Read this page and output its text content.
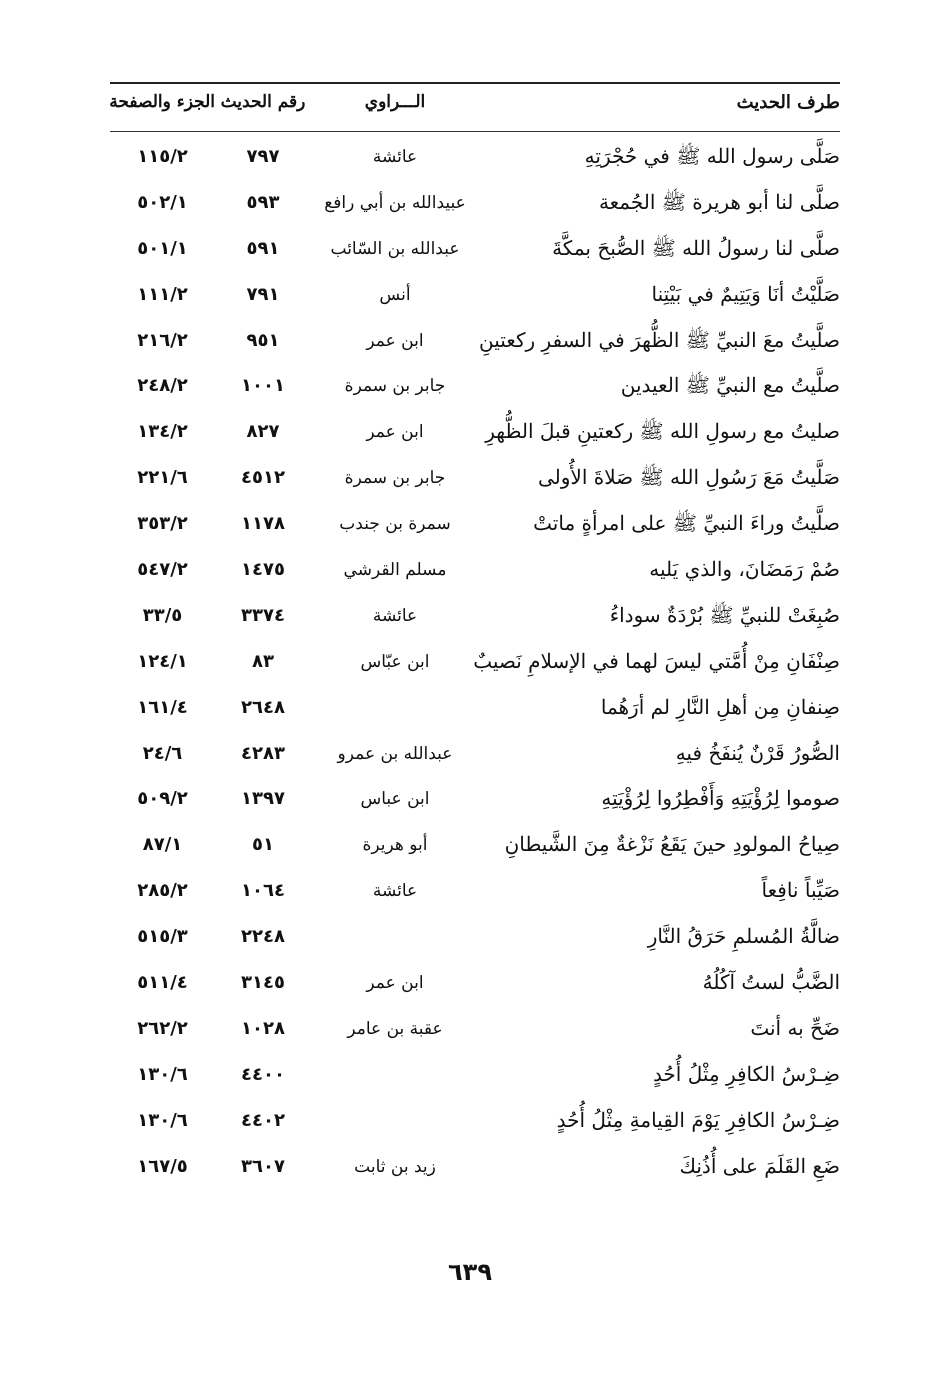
طرف الحديث
الـــراوي
رقم الحديث
الجزء والصفحة
صَلَّى رسول الله ﷺ في حُجْرَتِهِ
عائشة
٧٩٧
١١٥/٢
صلَّى لنا أبو هريرة ﷺ الجُمعة
عبيدالله بن أبي رافع
٥٩٣
٥٠٢/١
صلَّى لنا رسولُ الله ﷺ الصُّبحَ بمكَّةَ
عبدالله بن السّائب
٥٩١
٥٠١/١
صَلَّيْتُ أنَا وَيَتِيمٌ في بَيْتِنا
أنس
٧٩١
١١١/٢
صلَّيتُ معَ النبيِّ ﷺ الظُّهرَ في السفرِ ركعتينِ
ابن عمر
٩٥١
٢١٦/٢
صلَّيتُ مع النبيِّ ﷺ العيدين
جابر بن سمرة
١٠٠١
٢٤٨/٢
صليتُ مع رسولِ الله ﷺ ركعتينِ قبلَ الظُّهرِ
ابن عمر
٨٢٧
١٣٤/٢
صَلَّيتُ مَعَ رَسُولِ الله ﷺ صَلاةَ الأُولى
جابر بن سمرة
٤٥١٢
٢٢١/٦
صلَّيتُ وراءَ النبيِّ ﷺ على امرأةٍ ماتتْ
سمرة بن جندب
١١٧٨
٣٥٣/٢
صُمْ رَمَضَانَ، والذي يَليه
مسلم القرشي
١٤٧٥
٥٤٧/٢
صُبِغَتْ للنبيِّ ﷺ بُرْدَةٌ سوداءُ
عائشة
٣٣٧٤
٣٣/٥
صِنْفَانِ مِنْ أُمَّتي ليسَ لهما في الإسلامِ نَصيبٌ
ابن عبّاس
٨٣
١٢٤/١
صِنفانِ مِن أهلِ النَّارِ لم أرَهُما
٢٦٤٨
١٦١/٤
الصُّورُ قَرْنٌ يُنفَخُ فيهِ
عبدالله بن عمرو
٤٢٨٣
٢٤/٦
صوموا لِرُؤْيَتِهِ وَأَفْطِرُوا لِرُؤْيَتِهِ
ابن عباس
١٣٩٧
٥٠٩/٢
صِياحُ المولودِ حينَ يَقَعُ نَزْغةٌ مِنَ الشَّيطانِ
أبو هريرة
٥١
٨٧/١
صَيِّباً نافِعاً
عائشة
١٠٦٤
٢٨٥/٢
ضالَّةُ المُسلمِ حَرَقُ النَّارِ
٢٢٤٨
٥١٥/٣
الضَّبُّ لستُ آكُلُهُ
ابن عمر
٣١٤٥
٥١١/٤
ضَحِّ به أنتَ
عقبة بن عامر
١٠٢٨
٢٦٢/٢
ضِـرْسُ الكافِرِ مِثْلُ أُحُدٍ
٤٤٠٠
١٣٠/٦
ضِـرْسُ الكافِرِ يَوْمَ القِيامةِ مِثْلُ أُحُدٍ
٤٤٠٢
١٣٠/٦
ضَعِ القَلَمَ على أُذُنِكَ
زيد بن ثابت
٣٦٠٧
١٦٧/٥
٦٣٩
